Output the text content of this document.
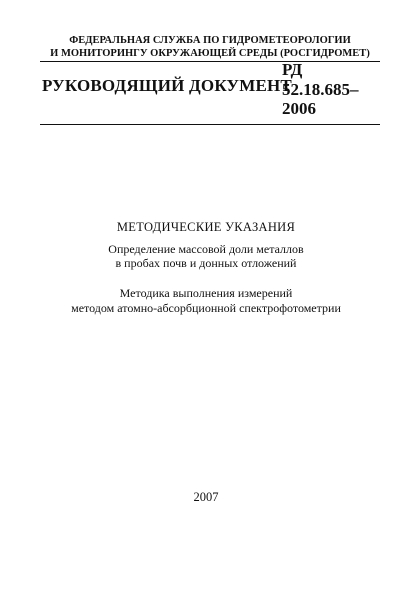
ФЕДЕРАЛЬНАЯ СЛУЖБА ПО ГИДРОМЕТЕОРОЛОГИИ
И МОНИТОРИНГУ ОКРУЖАЮЩЕЙ СРЕДЫ (РОСГИДРОМЕТ)
РУКОВОДЯЩИЙ ДОКУМЕНТ
РД
52.18.685–2006
МЕТОДИЧЕСКИЕ УКАЗАНИЯ
Определение массовой доли металлов
в пробах почв и донных отложений
Методика выполнения измерений
методом атомно-абсорбционной спектрофотометрии
2007
